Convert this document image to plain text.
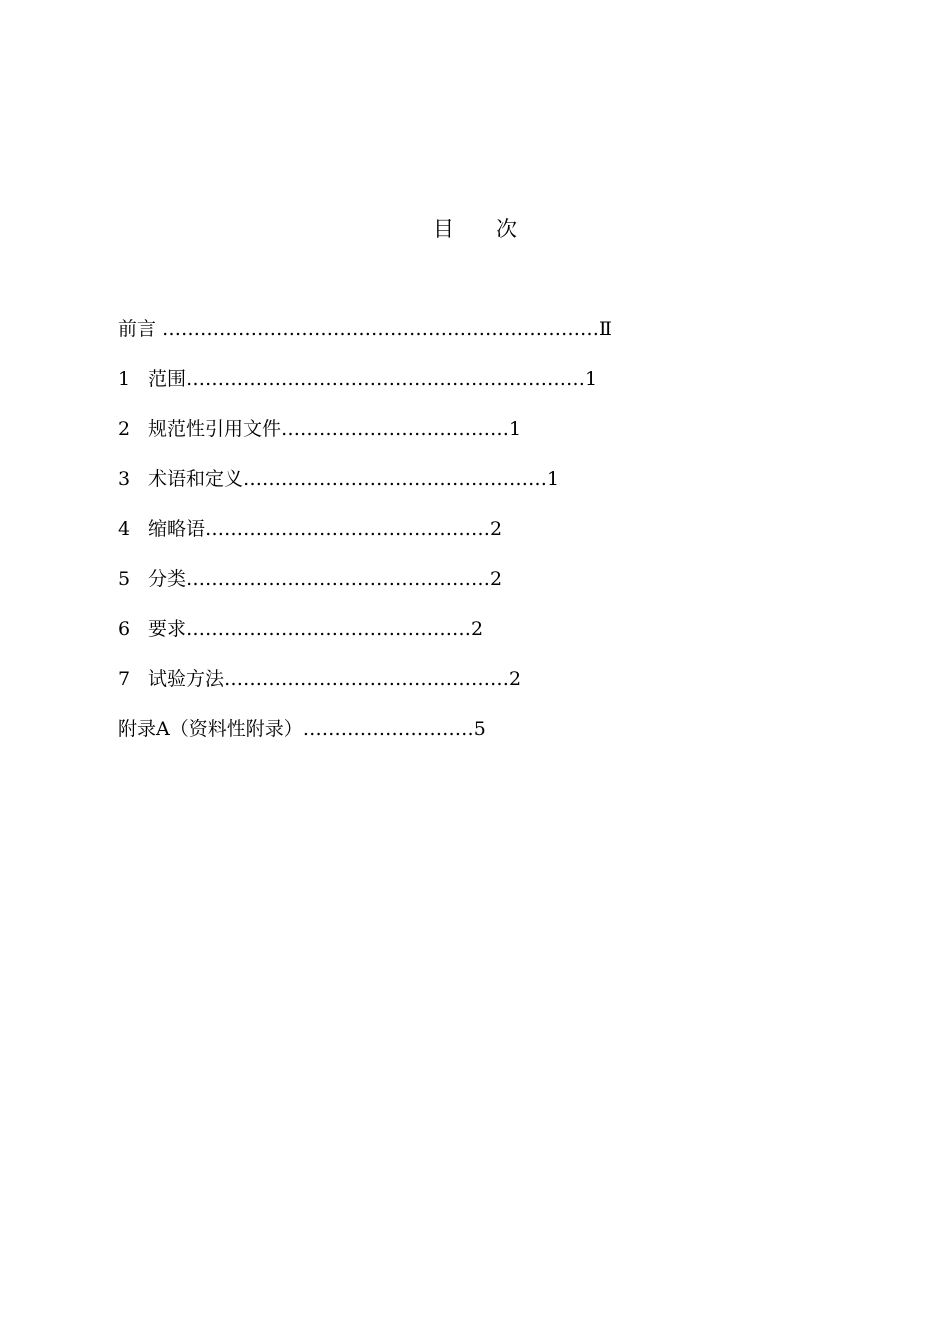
目 次
前言 ……………………………………………………………Ⅱ
1 范围………………………………………………………1
2 规范性引用文件………………………………1
3 术语和定义…………………………………………1
4 缩略语………………………………………2
5 分类…………………………………………2
6 要求………………………………………2
7 试验方法………………………………………2
附录A（资料性附录）………………………5
